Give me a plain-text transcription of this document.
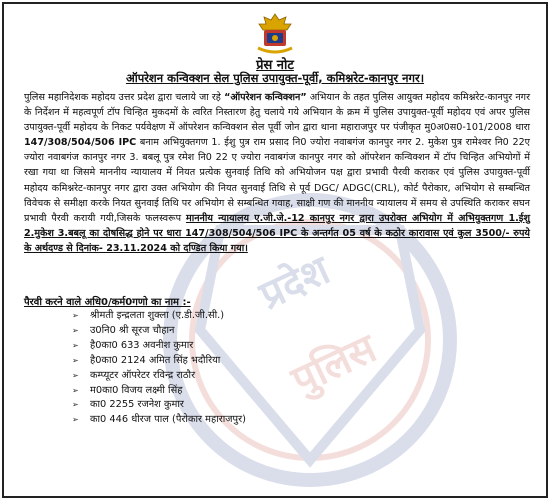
प्रदेश
पुलिस
प्रेस नोट
ऑपरेशन कन्विक्शन सेल पुलिस उपायुक्त-पूर्वी, कमिश्नरेट-कानपुर नगर।
पुलिस महानिदेशक महोदय उत्तर प्रदेश द्वारा चलाये जा रहे “ऑपरेशन कन्विक्शन” अभियान के तहत पुलिस आयुक्त महोदय कमिश्नरेट-कानपुर नगर के निर्देशन में महत्वपूर्ण टॉप चिन्हित मुकदमों के त्वरित निस्तारण हेतु चलाये गये अभियान के क्रम में पुलिस उपायुक्त-पूर्वी महोदय एवं अपर पुलिस उपायुक्त-पूर्वी महोदय के निकट पर्यवेक्षण में ऑपरेशन कन्विक्शन सेल पूर्वी जोन द्वारा थाना महाराजपुर पर पंजीकृत मु0अ0स0-101/2008 धारा 147/308/504/506 IPC बनाम अभियुक्तगण 1. ईशु पुत्र राम प्रसाद नि0 ज्योरा नवाबगंज कानपुर नगर 2. मुकेश पुत्र रामेश्वर नि0 22ए ज्योरा नवाबगंज कानपुर नगर 3. बबलू पुत्र रमेश नि0 22 ए ज्योरा नवाबगंज कानपुर नगर को ऑपरेशन कन्विक्शन में टॉप चिन्हित अभियोगों में रखा गया था जिसमे माननीय न्यायालय में नियत प्रत्येक सुनवाई तिथि को अभियोजन पक्ष द्वारा प्रभावी पैरवी कराकर एवं पुलिस उपायुक्त-पूर्वी महोदय कमिश्नरेट-कानपुर नगर द्वारा उक्त अभियोग की नियत सुनवाई तिथि से पूर्व DGC/ ADGC(CRL), कोर्ट पैरोकार, अभियोग से सम्बन्धित विवेचक से समीक्षा करके नियत सुनवाई तिथि पर अभियोग से सम्बन्धित गवाह, साक्षी गण की माननीय न्यायालय में समय से उपस्थिति कराकर सघन प्रभावी पैरवी करायी गयी,जिसके फलस्वरूप माननीय न्यायालय ए.जी.जे.-12 कानपुर नगर द्वारा उपरोक्त अभियोग में अभियुक्तगण 1.ईशु 2.मुकेश 3.बबलू का दोषसिद्ध होने पर धारा 147/308/504/506 IPC के अन्तर्गत 05 वर्ष के कठोर कारावास एवं कुल 3500/- रुपये के अर्थदण्ड से दिनांक- 23.11.2024 को दण्डित किया गया।
पैरवी करने वाले अधि0/कर्म0गणो का नाम :-
➢	श्रीमती इन्द्रलता शुक्ला (ए.डी.जी.सी.)
➢	उ0नि0 श्री सूरज चौहान
➢	है0का0 633 अवनीश कुमार
➢	है0का0 2124 अमित सिंह भदौरिया
➢	कम्प्यूटर ऑपरेटर रविन्द्र राठौर
➢	म0का0 विजय लक्ष्मी सिंह
➢	का0 2255 रजनेश कुमार
➢	का0 446 धीरज पाल (पैरोकार महाराजपुर)
